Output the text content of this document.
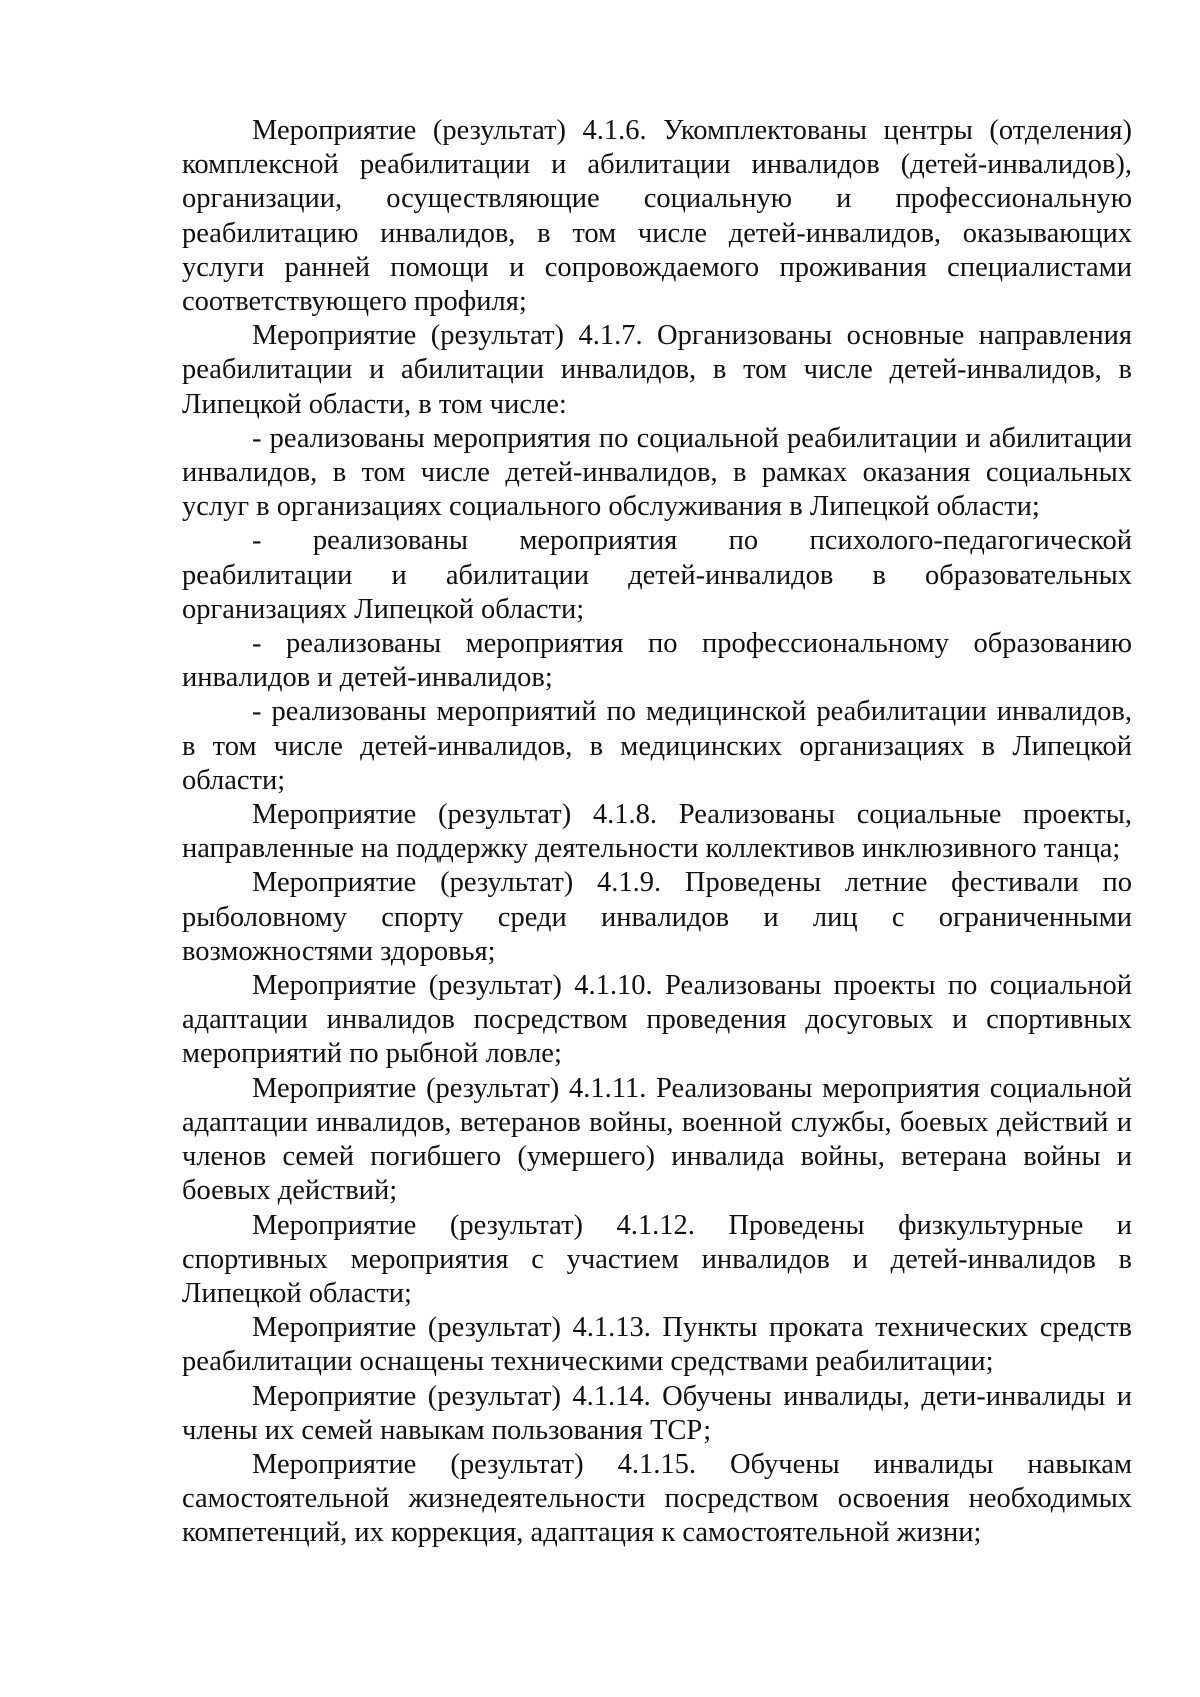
Мероприятие (результат) 4.1.6. Укомплектованы центры (отделения) комплексной реабилитации и абилитации инвалидов (детей-инвалидов), организации, осуществляющие социальную и профессиональную реабилитацию инвалидов, в том числе детей-инвалидов, оказывающих услуги ранней помощи и сопровождаемого проживания специалистами соответствующего профиля;

Мероприятие (результат) 4.1.7. Организованы основные направления реабилитации и абилитации инвалидов, в том числе детей-инвалидов, в Липецкой области, в том числе:

- реализованы мероприятия по социальной реабилитации и абилитации инвалидов, в том числе детей-инвалидов, в рамках оказания социальных услуг в организациях социального обслуживания в Липецкой области;

- реализованы мероприятия по психолого-педагогической реабилитации и абилитации детей-инвалидов в образовательных организациях Липецкой области;

- реализованы мероприятия по профессиональному образованию инвалидов и детей-инвалидов;

- реализованы мероприятий по медицинской реабилитации инвалидов, в том числе детей-инвалидов, в медицинских организациях в Липецкой области;

Мероприятие (результат) 4.1.8. Реализованы социальные проекты, направленные на поддержку деятельности коллективов инклюзивного танца;

Мероприятие (результат) 4.1.9. Проведены летние фестивали по рыболовному спорту среди инвалидов и лиц с ограниченными возможностями здоровья;

Мероприятие (результат) 4.1.10. Реализованы проекты по социальной адаптации инвалидов посредством проведения досуговых и спортивных мероприятий по рыбной ловле;

Мероприятие (результат) 4.1.11. Реализованы мероприятия социальной адаптации инвалидов, ветеранов войны, военной службы, боевых действий и членов семей погибшего (умершего) инвалида войны, ветерана войны и боевых действий;

Мероприятие (результат) 4.1.12. Проведены физкультурные и спортивных мероприятия с участием инвалидов и детей-инвалидов в Липецкой области;

Мероприятие (результат) 4.1.13. Пункты проката технических средств реабилитации оснащены техническими средствами реабилитации;

Мероприятие (результат) 4.1.14. Обучены инвалиды, дети-инвалиды и члены их семей навыкам пользования ТСР;

Мероприятие (результат) 4.1.15. Обучены инвалиды навыкам самостоятельной жизнедеятельности посредством освоения необходимых компетенций, их коррекция, адаптация к самостоятельной жизни;
